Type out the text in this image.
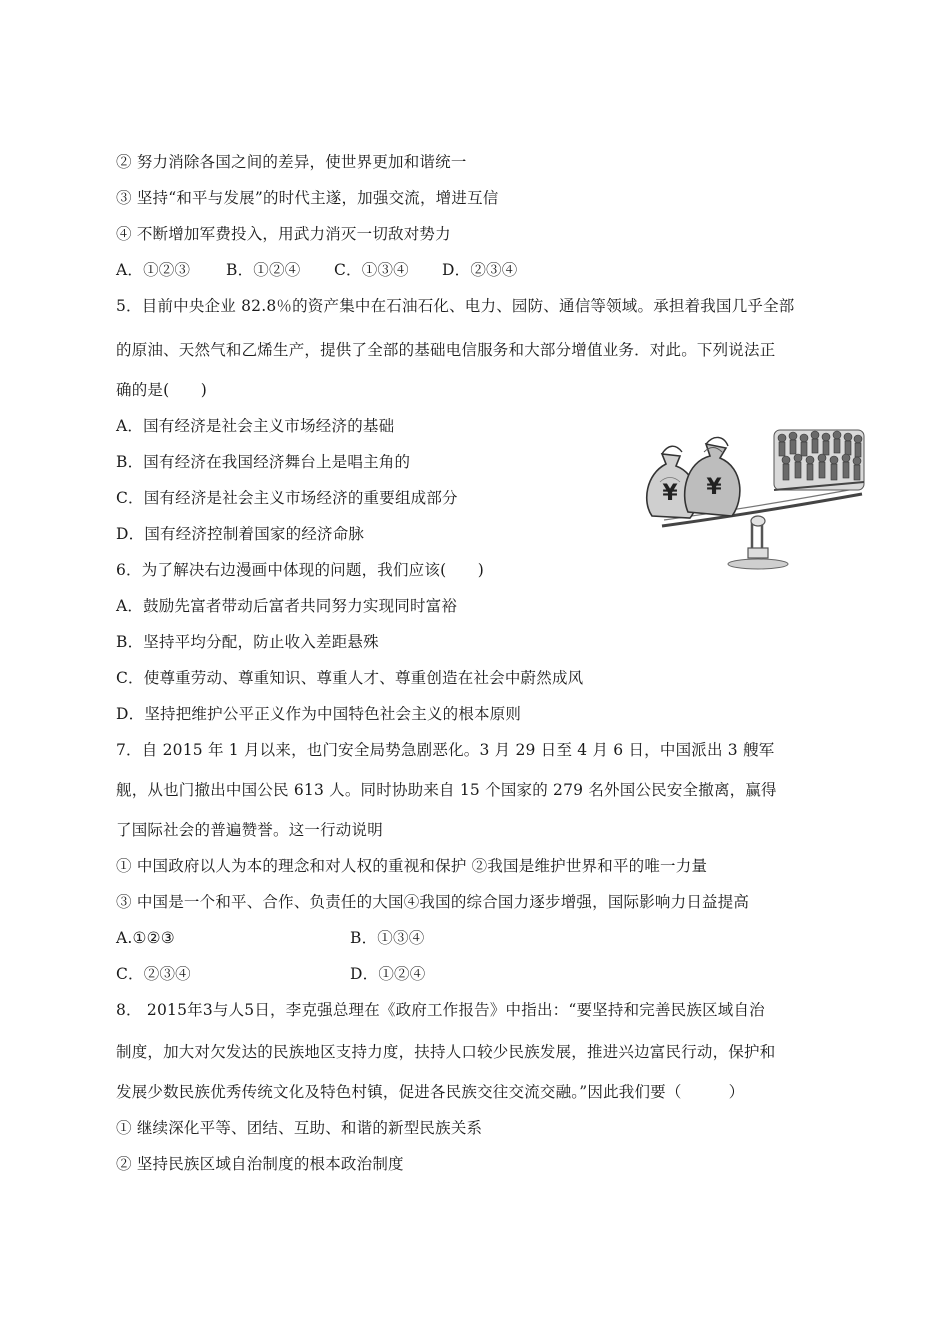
② 努力消除各国之间的差异，使世界更加和谐统一
③ 坚持“和平与发展”的时代主遂，加强交流，增进互信
④ 不断增加军费投入，用武力消灭一切敌对势力
A．①②③ B．①②④ C．①③④ D．②③④
5．目前中央企业 82.8％的资产集中在石油石化、电力、园防、通信等领域。承担着我国几乎全部
的原油、天然气和乙烯生产，提供了全部的基础电信服务和大部分增值业务．对此。下列说法正
确的是(　　)
A．国有经济是社会主义市场经济的基础
B．国有经济在我国经济舞台上是唱主角的
C．国有经济是社会主义市场经济的重要组成部分
D．国有经济控制着国家的经济命脉
6．为了解决右边漫画中体现的问题，我们应该(　　)
A．鼓励先富者带动后富者共同努力实现同时富裕
B．坚持平均分配，防止收入差距悬殊
C．使尊重劳动、尊重知识、尊重人才、尊重创造在社会中蔚然成风
D．坚持把维护公平正义作为中国特色社会主义的根本原则
7．自 2015 年 1 月以来，也门安全局势急剧恶化。3 月 29 日至 4 月 6 日，中国派出 3 艘军
舰，从也门撤出中国公民 613 人。同时协助来自 15 个国家的 279 名外国公民安全撤离，赢得
了国际社会的普遍赞誉。这一行动说明
① 中国政府以人为本的理念和对人权的重视和保护 ②我国是维护世界和平的唯一力量
③ 中国是一个和平、合作、负责任的大国④我国的综合国力逐步增强，国际影响力日益提高
A.①②③	B．①③④
C．②③④	D．①②④
8． 2015年3与人5日，李克强总理在《政府工作报告》中指出：“要坚持和完善民族区域自治
制度，加大对欠发达的民族地区支持力度，扶持人口较少民族发展，推进兴边富民行动，保护和
发展少数民族优秀传统文化及特色村镇，促进各民族交往交流交融。”因此我们要（　　　）
① 继续深化平等、团结、互助、和谐的新型民族关系
② 坚持民族区域自治制度的根本政治制度
¥ ¥
